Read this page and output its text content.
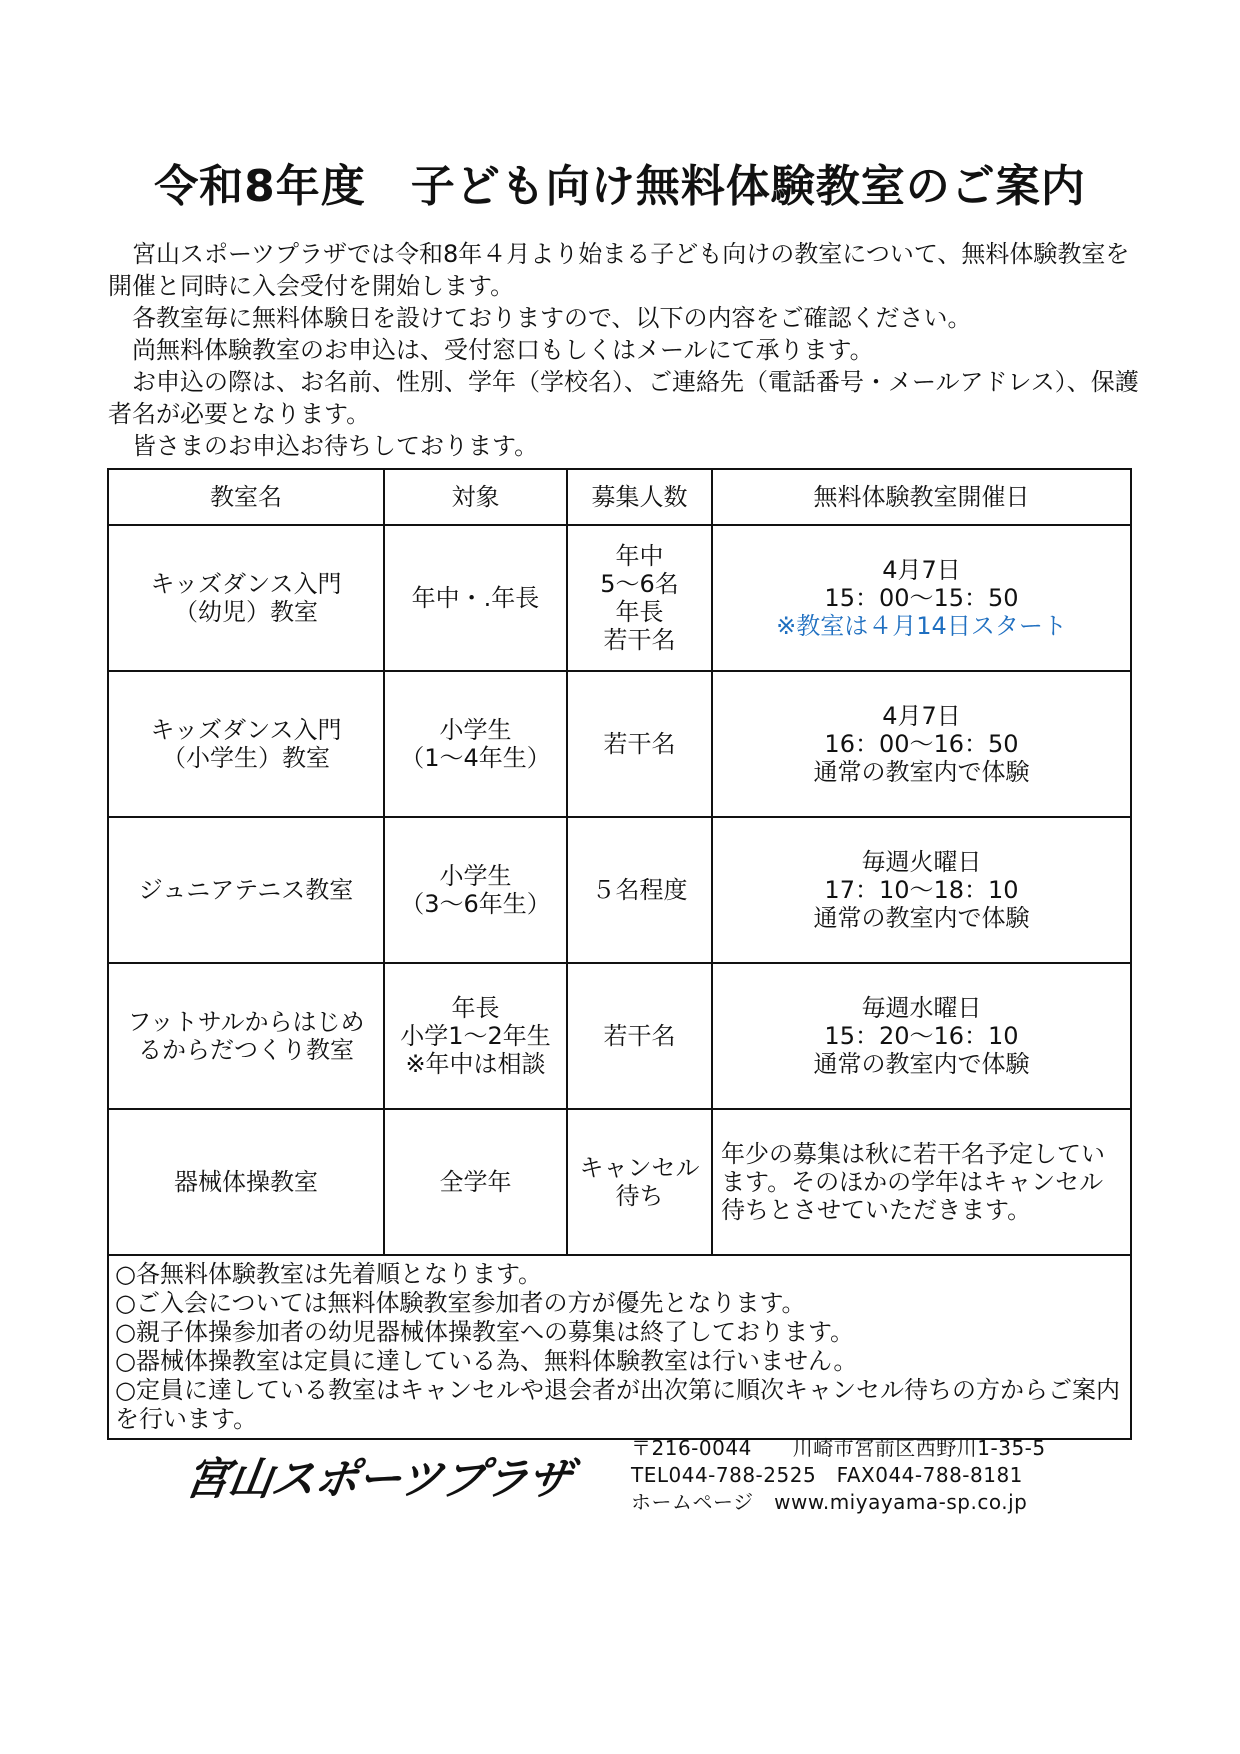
令和8年度　子ども向け無料体験教室のご案内

宮山スポーツプラザでは令和8年４月より始まる子ども向けの教室について、無料体験教室を開催と同時に入会受付を開始します。

各教室毎に無料体験日を設けておりますので、以下の内容をご確認ください。

尚無料体験教室のお申込は、受付窓口もしくはメールにて承ります。

お申込の際は、お名前、性別、学年（学校名）、ご連絡先（電話番号・メールアドレス）、保護者名が必要となります。

皆さまのお申込お待ちしております。

教室名	対象	募集人数	無料体験教室開催日

キッズダンス入門
（幼児）教室	年中・.年長	年中
5～6名
年長
若干名	4月7日
15：00～15：50
※教室は４月14日スタート

キッズダンス入門
（小学生）教室	小学生
（1～4年生）	若干名	4月7日
16：00～16：50
通常の教室内で体験

ジュニアテニス教室	小学生
（3～6年生）	５名程度	毎週火曜日
17：10～18：10
通常の教室内で体験

フットサルからはじめ
るからだつくり教室	年長
小学1～2年生
※年中は相談	若干名	毎週水曜日
15：20～16：10
通常の教室内で体験

器械体操教室	全学年	キャンセル
待ち	年少の募集は秋に若干名予定しています。そのほかの学年はキャンセル待ちとさせていただきます。

○各無料体験教室は先着順となります。
○ご入会については無料体験教室参加者の方が優先となります。
○親子体操参加者の幼児器械体操教室への募集は終了しております。
○器械体操教室は定員に達している為、無料体験教室は行いません。
○定員に達している教室はキャンセルや退会者が出次第に順次キャンセル待ちの方からご案内を行います。			
宮山スポーツプラザ
〒216-0044　　川崎市宮前区西野川1-35-5
TEL044-788-2525　FAX044-788-8181
ホームページ　www.miyayama-sp.co.jp
